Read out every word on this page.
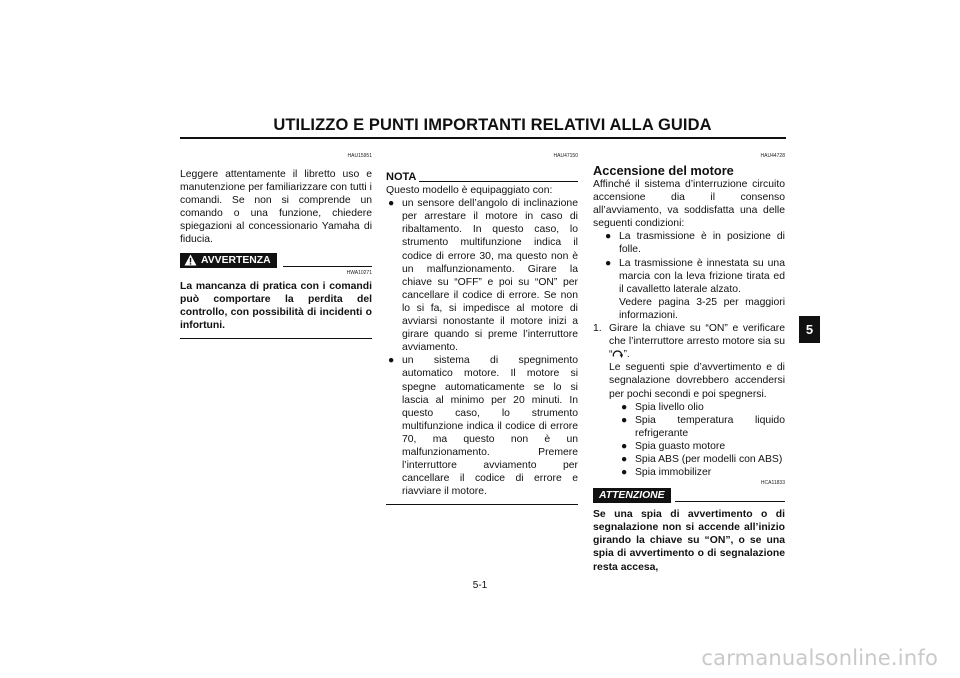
UTILIZZO E PUNTI IMPORTANTI RELATIVI ALLA GUIDA
5
HAU15951

Leggere attentamente il libretto uso e manutenzione per familiarizzare con tutti i comandi. Se non si comprende un comando o una funzione, chiedere spiegazioni al concessionario Yamaha di fiducia.

AVVERTENZA
HWA10271

La mancanza di pratica con i comandi può comportare la perdita del controllo, con possibilità di incidenti o infortuni.

HAU47150
NOTA

Questo modello è equipaggiato con:

● un sensore dell’angolo di inclinazione per arrestare il motore in caso di ribaltamento. In questo caso, lo strumento multifunzione indica il codice di errore 30, ma questo non è un malfunzionamento. Girare la chiave su “OFF” e poi su “ON” per cancellare il codice di errore. Se non lo si fa, si impedisce al motore di avviarsi nonostante il motore inizi a girare quando si preme l’interruttore avviamento.
● un sistema di spegnimento automatico motore. Il motore si spegne automaticamente se lo si lascia al minimo per 20 minuti. In questo caso, lo strumento multifunzione indica il codice di errore 70, ma questo non è un malfunzionamento. Premere l’interruttore avviamento per cancellare il codice di errore e riavviare il motore.
HAU44728
Accensione del motore

Affinché il sistema d’interruzione circuito accensione dia il consenso all’avviamento, va soddisfatta una delle seguenti condizioni:

● La trasmissione è in posizione di folle.
● La trasmissione è innestata su una marcia con la leva frizione tirata ed il cavalletto laterale alzato.
Vedere pagina 3-25 per maggiori informazioni.
1. Girare la chiave su “ON” e verificare che l’interruttore arresto motore sia su “ ”.
Le seguenti spie d’avvertimento e di segnalazione dovrebbero accendersi per pochi secondi e poi spegnersi.
● Spia livello olio
● Spia temperatura liquido refrigerante
● Spia guasto motore
● Spia ABS (per modelli con ABS)
● Spia immobilizer
HCA11833
ATTENZIONE

Se una spia di avvertimento o di segnalazione non si accende all’inizio girando la chiave su “ON”, o se una spia di avvertimento o di segnalazione resta accesa,

5-1
carmanualsonline.info
